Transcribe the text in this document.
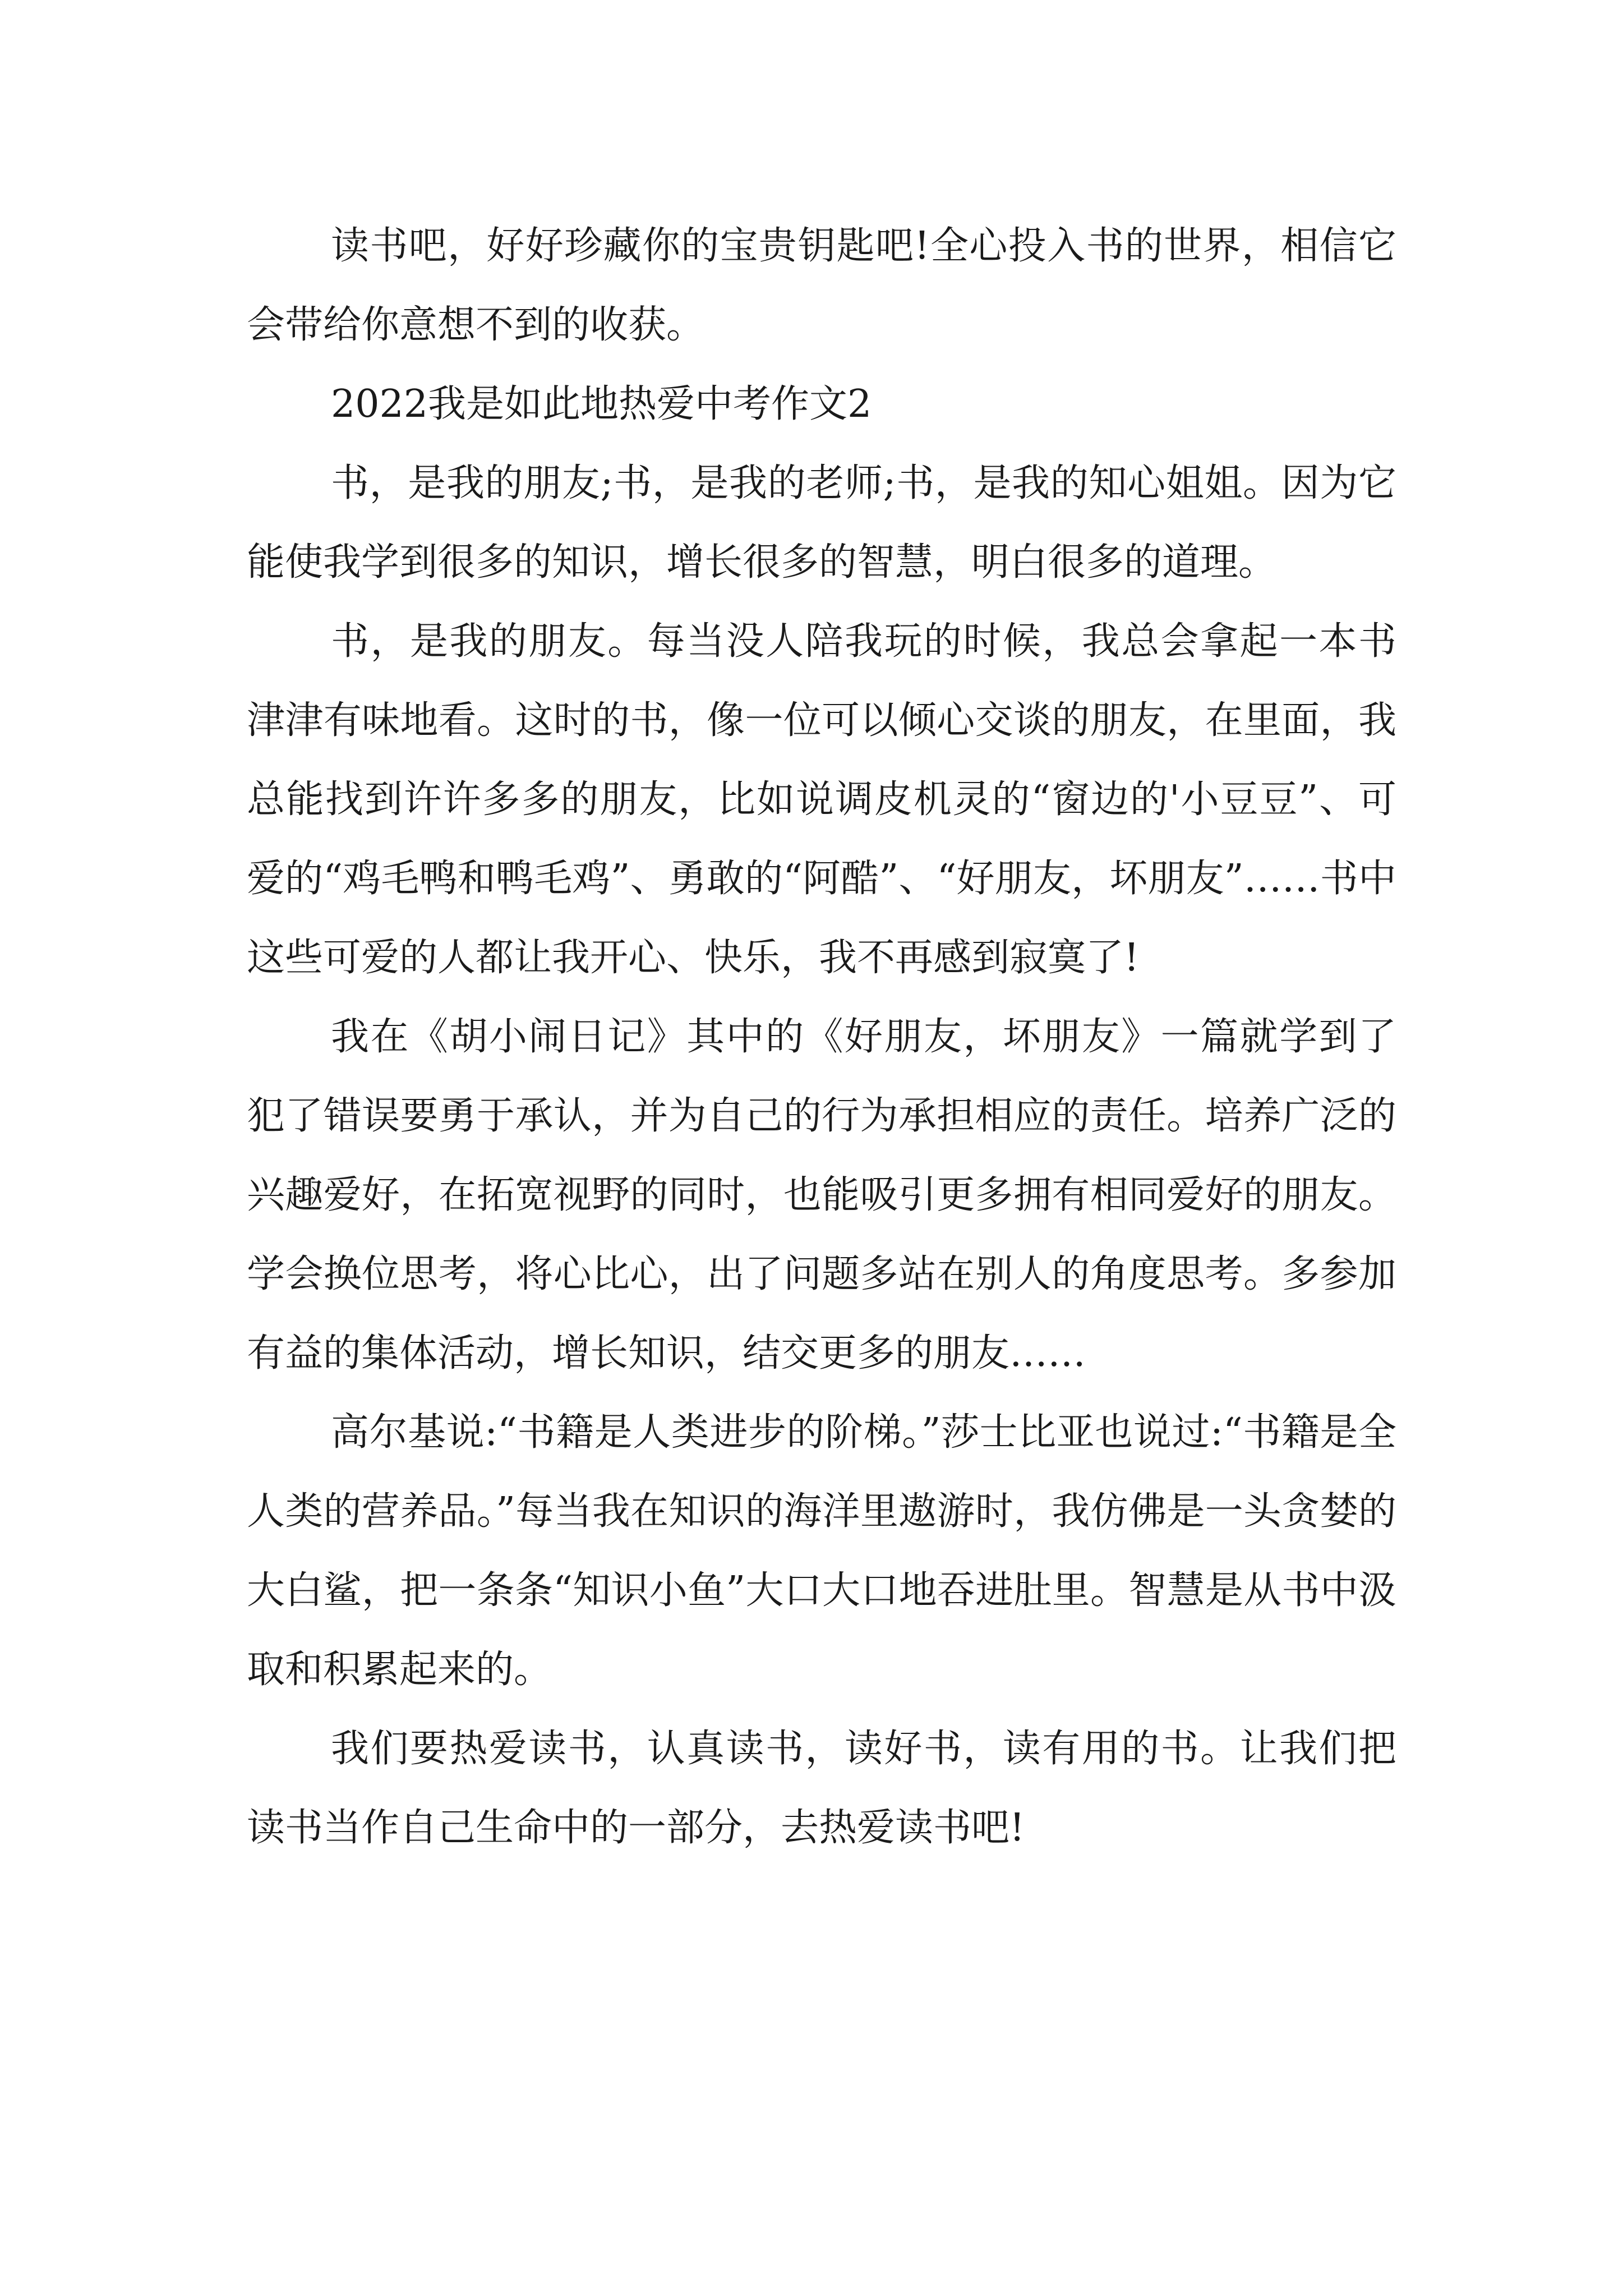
读书吧，好好珍藏你的宝贵钥匙吧!全心投入书的世界，相信它会带给你意想不到的收获。

2022我是如此地热爱中考作文2

书，是我的朋友;书，是我的老师;书，是我的知心姐姐。因为它能使我学到很多的知识，增长很多的智慧，明白很多的道理。

书，是我的朋友。每当没人陪我玩的时候，我总会拿起一本书津津有味地看。这时的书，像一位可以倾心交谈的朋友，在里面，我总能找到许许多多的朋友，比如说调皮机灵的“窗边的'小豆豆”、可爱的“鸡毛鸭和鸭毛鸡”、勇敢的“阿酷”、“好朋友，坏朋友”……书中这些可爱的人都让我开心、快乐，我不再感到寂寞了!

我在《胡小闹日记》其中的《好朋友，坏朋友》一篇就学到了犯了错误要勇于承认，并为自己的行为承担相应的责任。培养广泛的兴趣爱好，在拓宽视野的同时，也能吸引更多拥有相同爱好的朋友。学会换位思考，将心比心，出了问题多站在别人的角度思考。多参加有益的集体活动，增长知识，结交更多的朋友……

高尔基说:“书籍是人类进步的阶梯。”莎士比亚也说过:“书籍是全人类的营养品。”每当我在知识的海洋里遨游时，我仿佛是一头贪婪的大白鲨，把一条条“知识小鱼”大口大口地吞进肚里。智慧是从书中汲取和积累起来的。

我们要热爱读书，认真读书，读好书，读有用的书。让我们把读书当作自己生命中的一部分，去热爱读书吧!
